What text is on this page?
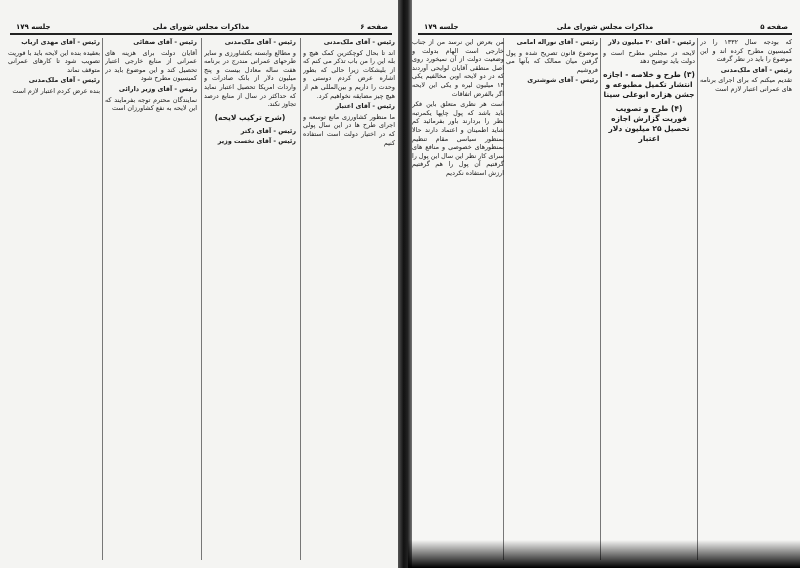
صفحه ۶
مذاکرات مجلس شورای ملی
جلسه ۱۷۹

رئیس - آقای ملک‌مدنی

اند تا بحال کوچکترین کمک هیچ و بله این را من باب تذکر می کنم که از بلیشکات زیرا حالی که بطور اشاره عرض کردم دوستی و وحدت را داریم و بین‌المللی هم از هیچ چیز مضایقه نخواهیم کرد.

رئیس - آقای اعتبار

ما منظور کشاورزی مانع توسعه و اجرای طرح ها در این سال پولی که در اختیار دولت است استفاده کنیم

رئیس - آقای ملک‌مدنی

و مطالع وابسته بکشاورزی و سایر طرحهای عمرانی مندرج در برنامه هفت ساله معادل بیست و پنج میلیون دلار از بانک صادرات و واردات امریکا تحصیل اعتبار نماید که حداکثر در سال از منابع درصد تجاوز نکند.

(شرح ترکیب لایحه)

رئیس - آقای دکتر

رئیس - آقای نخست وزیر

رئیس - آقای صفائی

آقایان دولت برای هزینه های عمرانی از منابع خارجی اعتبار تحصیل کند و این موضوع باید در کمیسیون مطرح شود

رئیس - آقای وزیر دارائی

نمایندگان محترم توجه بفرمایند که این لایحه به نفع کشاورزان است

رئیس - آقای مهدی ارباب

بعقیده بنده این لایحه باید با فوریت تصویب شود تا کارهای عمرانی متوقف نماند

رئیس - آقای ملک‌مدنی

بنده عرض کردم اعتبار لازم است

صفحه ۵
مذاکرات مجلس شورای ملی
جلسه ۱۷۹

که بودجه سال ۱۳۳۲ را در کمیسیون مطرح کرده اند و این موضوع را باید در نظر گرفت

رئیس - آقای ملک‌مدنی

تقدیم میکنم که برای اجرای برنامه های عمرانی اعتبار لازم است

رئیس - آقای ۲۰ میلیون دلار

لایحه در مجلس مطرح است و دولت باید توضیح دهد

(۳) طرح و خلاصه - اجازه انتشار تکمیل مطبوعه و جشن هزاره ابوعلی سینا
(۴) طرح و تصویب فوریت گزارش اجازه تحصیل ۲۵ میلیون دلار اعتبار

رئیس - آقای نوراله امامی

موضوع قانون تصریح شده و پول گرفتن میان ممالک که بآنها می فروشیم

رئیس - آقای شوشتری

من بعرض این نرسد من از جناب خارجی است الهام بدولت و وضعیت دولت از آن نمیخورد روی اصل منطقی آقایان لوایحی آوردند که در دو لایحه اوبن مخالفیم یکی ۱۴ میلیون لیره و یکی این لایحه اگر بالفرض اتفاقات

است هر نظری متعلق باین فکر باید باشد که پول چاپها یکمرتبه نظر را بردارند باور بفرمائید کم شاید اطمینان و اعتماد دارند حالا بمنظور سیاسی مقام تنظیم بمنظورهای خصوصی و منافع های سرای کار نظر این سال این پول را گرفتیم آن پول را هم گرفتیم ارزش استفاده نکردیم
